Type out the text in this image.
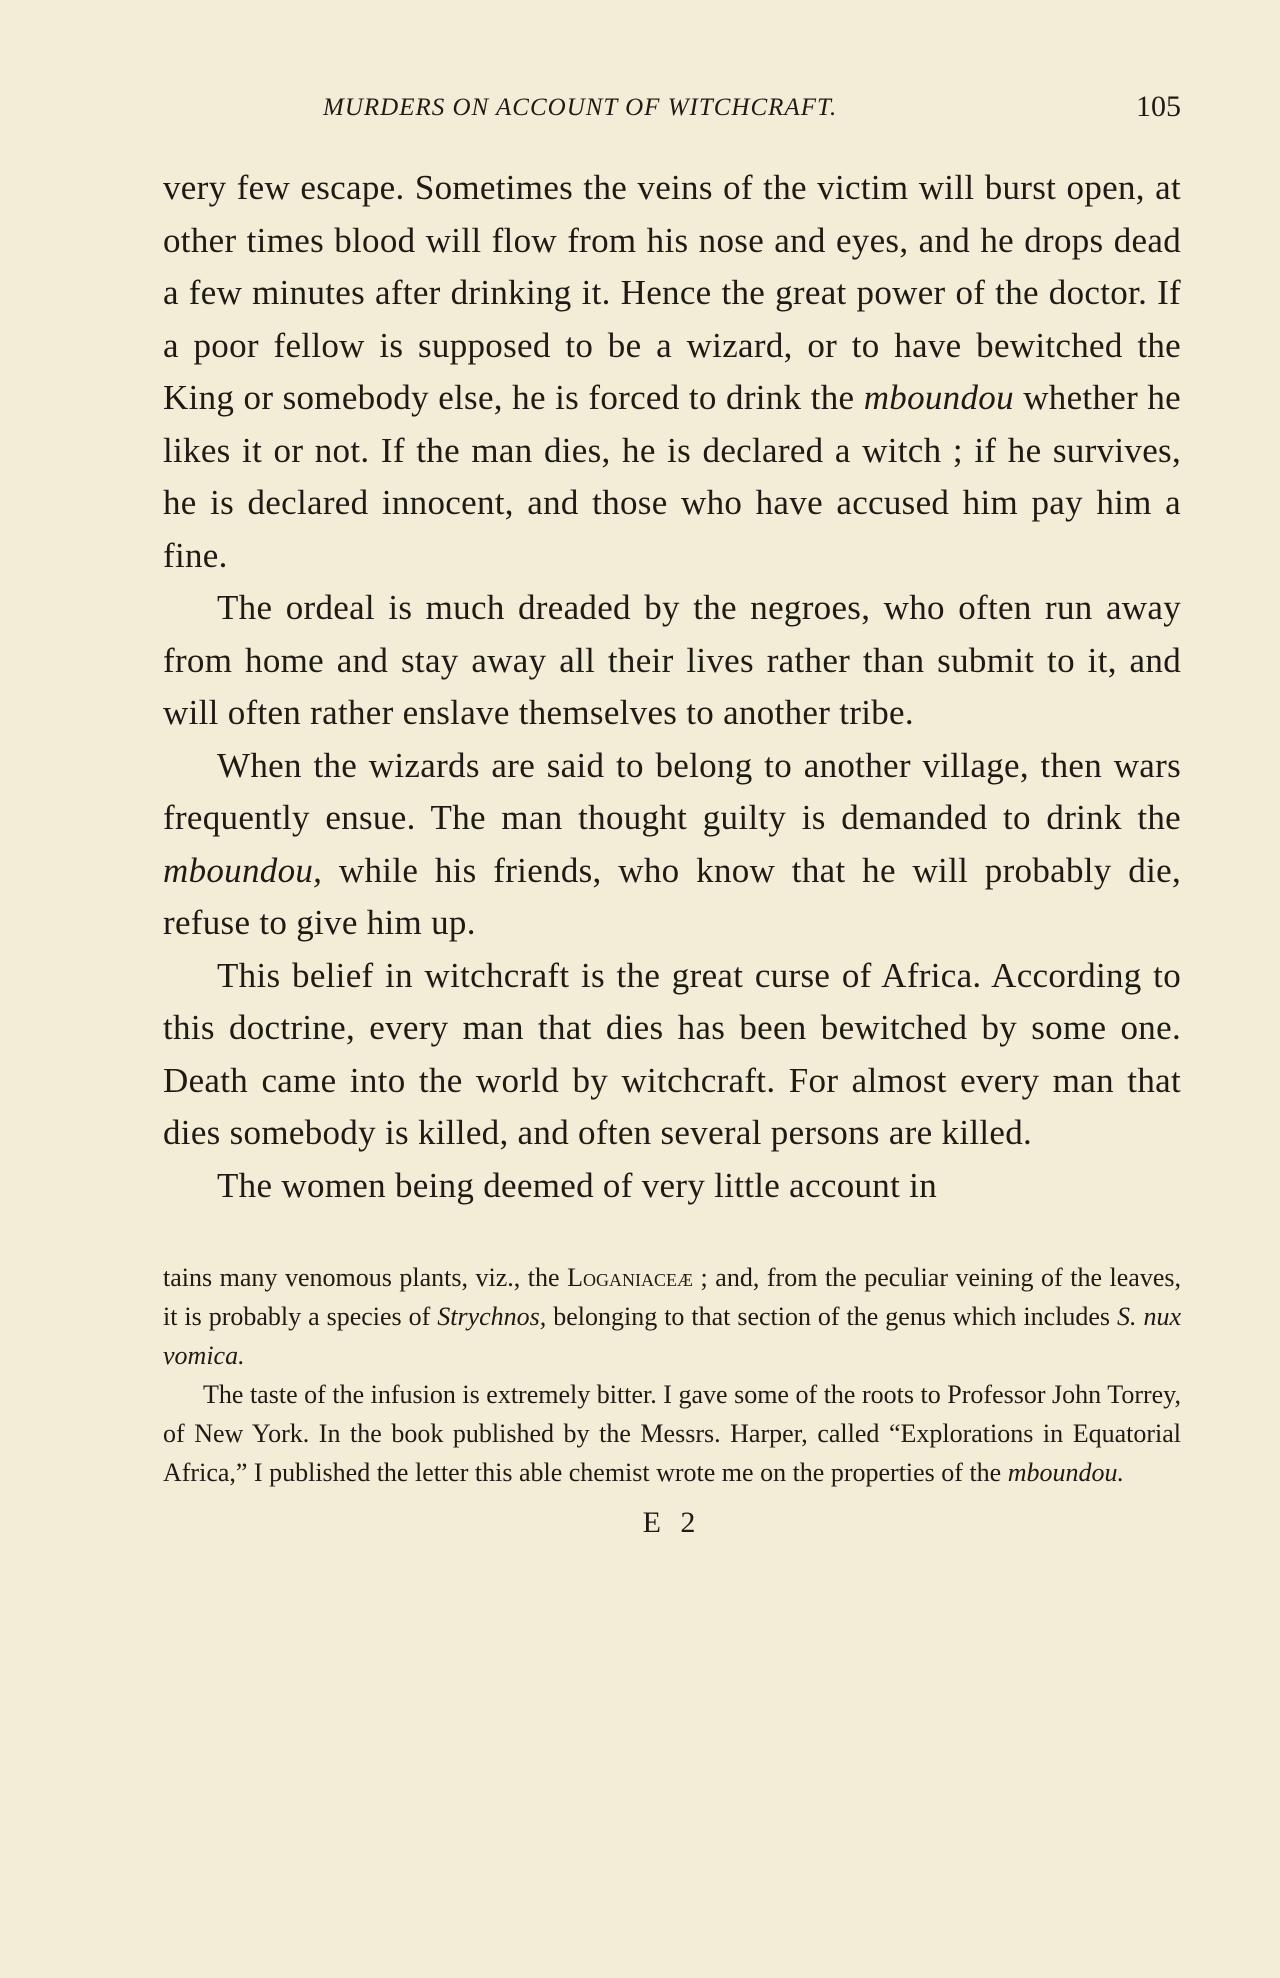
MURDERS ON ACCOUNT OF WITCHCRAFT.	105

very few escape. Sometimes the veins of the victim will burst open, at other times blood will flow from his nose and eyes, and he drops dead a few minutes after drinking it. Hence the great power of the doctor. If a poor fellow is supposed to be a wizard, or to have bewitched the King or somebody else, he is forced to drink the mboundou whether he likes it or not. If the man dies, he is declared a witch ; if he survives, he is declared innocent, and those who have accused him pay him a fine.

The ordeal is much dreaded by the negroes, who often run away from home and stay away all their lives rather than submit to it, and will often rather enslave themselves to another tribe.

When the wizards are said to belong to another village, then wars frequently ensue. The man thought guilty is demanded to drink the mboundou, while his friends, who know that he will probably die, refuse to give him up.

This belief in witchcraft is the great curse of Africa. According to this doctrine, every man that dies has been bewitched by some one. Death came into the world by witchcraft. For almost every man that dies somebody is killed, and often several persons are killed.

The women being deemed of very little account in

tains many venomous plants, viz., the Loganiaceæ ; and, from the peculiar veining of the leaves, it is probably a species of Strychnos, belonging to that section of the genus which includes S. nux vomica.

The taste of the infusion is extremely bitter. I gave some of the roots to Professor John Torrey, of New York. In the book published by the Messrs. Harper, called “Explorations in Equatorial Africa,” I published the letter this able chemist wrote me on the properties of the mboundou.

E 2
